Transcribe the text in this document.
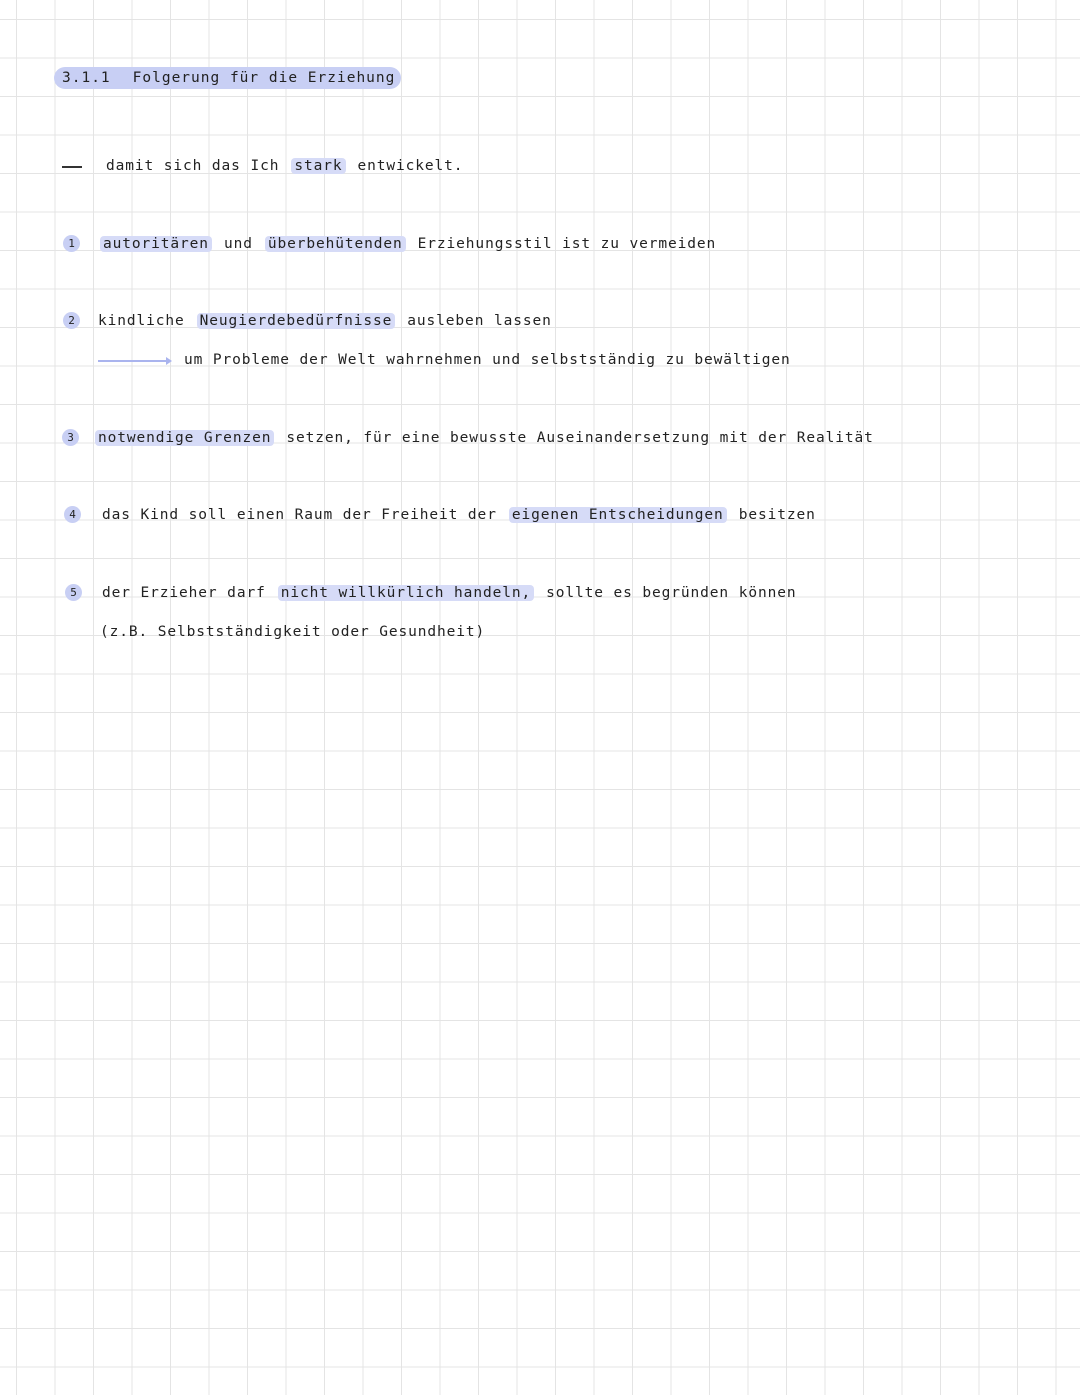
3.1.1 Folgerung für die Erziehung
damit sich das Ich stark entwickelt.
1	autoritären und überbehütenden Erziehungsstil ist zu vermeiden
2	kindliche Neugierdebedürfnisse ausleben lassen
um Probleme der Welt wahrnehmen und selbstständig zu bewältigen
3	notwendige Grenzen setzen, für eine bewusste Auseinandersetzung mit der Realität
4	das Kind soll einen Raum der Freiheit der eigenen Entscheidungen besitzen
5	der Erzieher darf nicht willkürlich handeln, sollte es begründen können
(z.B. Selbstständigkeit oder Gesundheit)
